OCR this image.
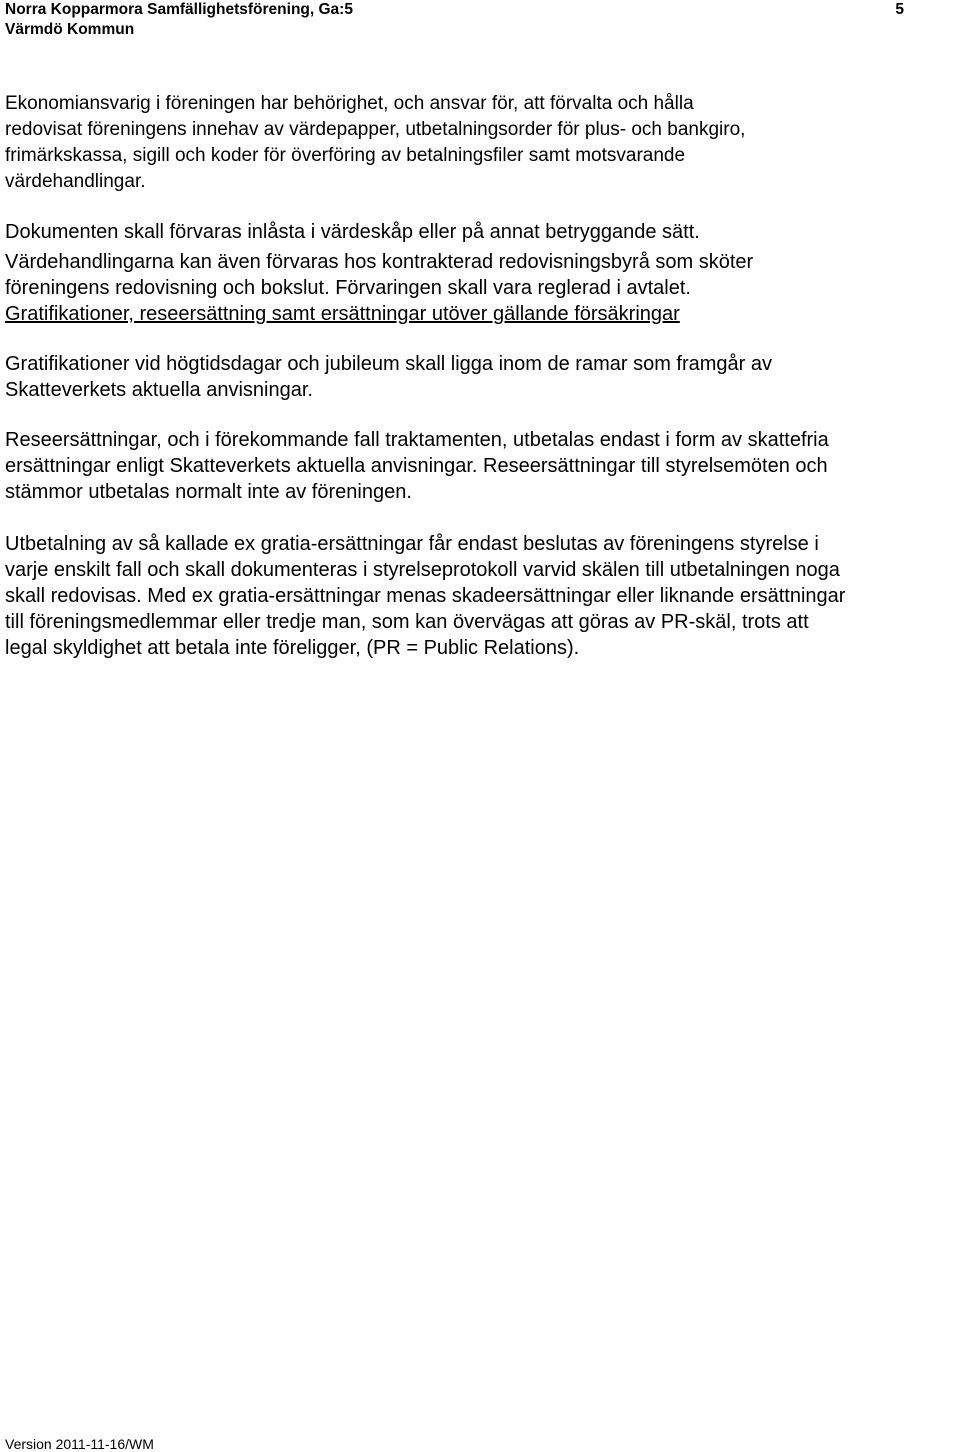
Norra Kopparmora Samfällighetsförening, Ga:5
Värmdö Kommun
5

Ekonomiansvarig i föreningen har behörighet, och ansvar för, att förvalta och hålla
redovisat föreningens innehav av värdepapper, utbetalningsorder för plus- och bankgiro,
frimärkskassa, sigill och koder för överföring av betalningsfiler samt motsvarande
värdehandlingar.

Dokumenten skall förvaras inlåsta i värdeskåp eller på annat betryggande sätt.

Värdehandlingarna kan även förvaras hos kontrakterad redovisningsbyrå som sköter
föreningens redovisning och bokslut. Förvaringen skall vara reglerad i avtalet.

Gratifikationer, reseersättning samt ersättningar utöver gällande försäkringar

Gratifikationer vid högtidsdagar och jubileum skall ligga inom de ramar som framgår av
Skatteverkets aktuella anvisningar.

Reseersättningar, och i förekommande fall traktamenten, utbetalas endast i form av skattefria
ersättningar enligt Skatteverkets aktuella anvisningar. Reseersättningar till styrelsemöten och
stämmor utbetalas normalt inte av föreningen.

Utbetalning av så kallade ex gratia-ersättningar får endast beslutas av föreningens styrelse i
varje enskilt fall och skall dokumenteras i styrelseprotokoll varvid skälen till utbetalningen noga
skall redovisas. Med ex gratia-ersättningar menas skadeersättningar eller liknande ersättningar
till föreningsmedlemmar eller tredje man, som kan övervägas att göras av PR-skäl, trots att
legal skyldighet att betala inte föreligger, (PR = Public Relations).

Version 2011-11-16/WM
